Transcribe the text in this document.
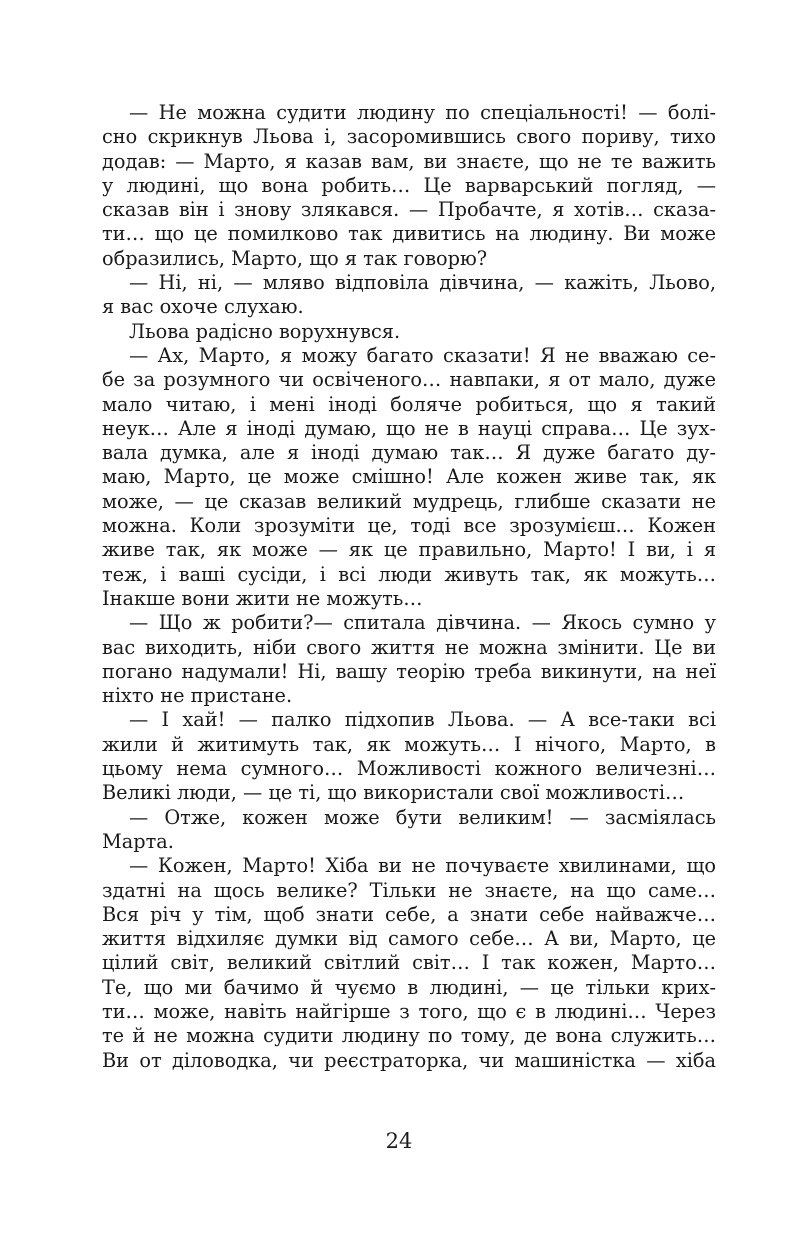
— Не можна судити людину по спеціальності! — болі-
сно скрикнув Льова і, засоромившись свого пориву, тихо
додав: — Марто, я казав вам, ви знаєте, що не те важить
у людині, що вона робить… Це варварський погляд, —
сказав він і знову злякався. — Пробачте, я хотів… сказа-
ти… що це помилково так дивитись на людину. Ви може
образились, Марто, що я так говорю?
— Ні, ні, — мляво відповіла дівчина, — кажіть, Льово,
я вас охоче слухаю.
Льова радісно ворухнувся.
— Ах, Марто, я можу багато сказати! Я не вважаю се-
бе за розумного чи освіченого… навпаки, я от мало, дуже
мало читаю, і мені іноді боляче робиться, що я такий
неук… Але я іноді думаю, що не в науці справа… Це зух-
вала думка, але я іноді думаю так… Я дуже багато ду-
маю, Марто, це може смішно! Але кожен живе так, як
може, — це сказав великий мудрець, глибше сказати не
можна. Коли зрозуміти це, тоді все зрозумієш… Кожен
живе так, як може — як це правильно, Марто! І ви, і я
теж, і ваші сусіди, і всі люди живуть так, як можуть…
Інакше вони жити не можуть…
— Що ж робити?— спитала дівчина. — Якось сумно у
вас виходить, ніби свого життя не можна змінити. Це ви
погано надумали! Ні, вашу теорію треба викинути, на неї
ніхто не пристане.
— І хай! — палко підхопив Льова. — А все-таки всі
жили й житимуть так, як можуть… І нічого, Марто, в
цьому нема сумного… Можливості кожного величезні…
Великі люди, — це ті, що використали свої можливості…
— Отже, кожен може бути великим! — засміялась
Марта.
— Кожен, Марто! Хіба ви не почуваєте хвилинами, що
здатні на щось велике? Тільки не знаєте, на що саме…
Вся річ у тім, щоб знати себе, а знати себе найважче…
життя відхиляє думки від самого себе… А ви, Марто, це
цілий світ, великий світлий світ… І так кожен, Марто…
Те, що ми бачимо й чуємо в людині, — це тільки крих-
ти… може, навіть найгірше з того, що є в людині… Через
те й не можна судити людину по тому, де вона служить…
Ви от діловодка, чи реєстраторка, чи машиністка — хіба
24
